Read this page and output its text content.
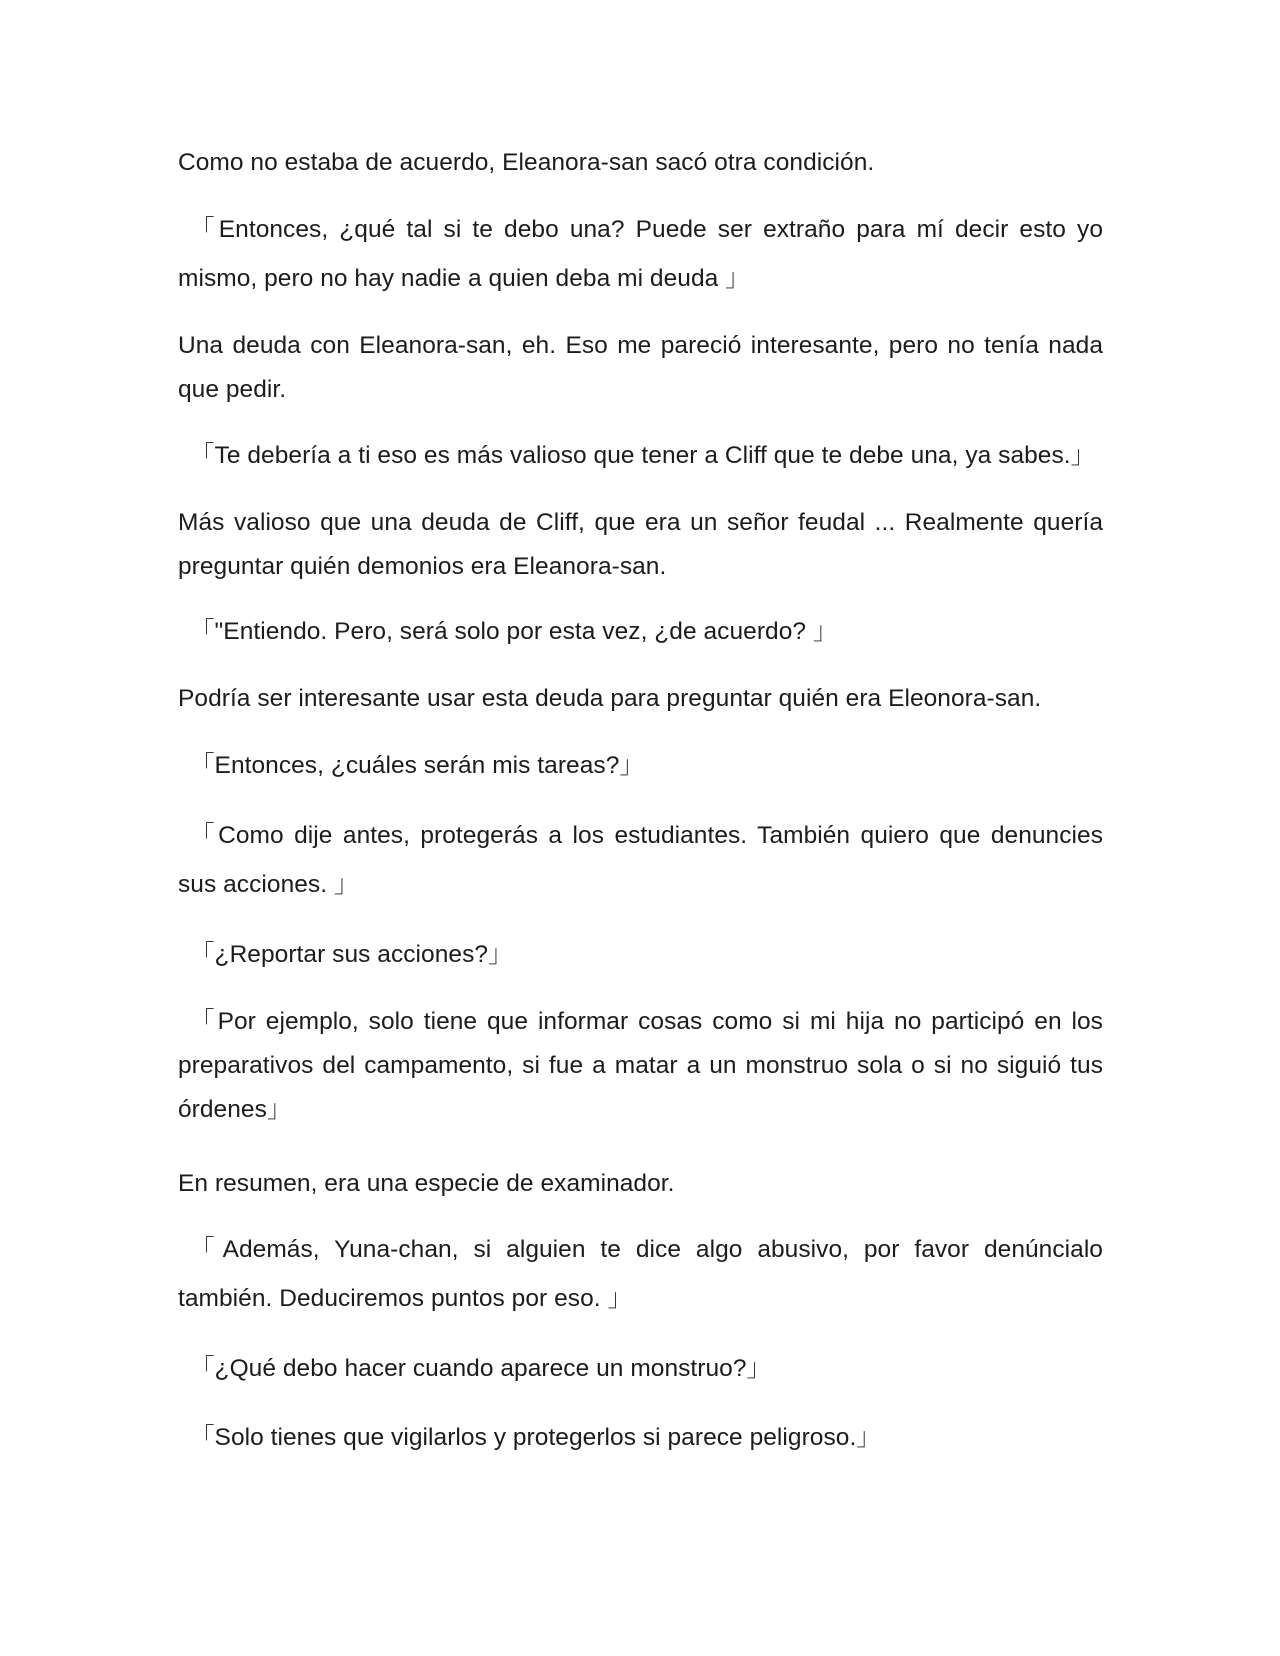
Como no estaba de acuerdo, Eleanora-san sacó otra condición.

「Entonces, ¿qué tal si te debo una? Puede ser extraño para mí decir esto yo mismo, pero no hay nadie a quien deba mi deuda 」

Una deuda con Eleanora-san, eh. Eso me pareció interesante, pero no tenía nada que pedir.

「Te debería a ti eso es más valioso que tener a Cliff que te debe una, ya sabes.」

Más valioso que una deuda de Cliff, que era un señor feudal ... Realmente quería preguntar quién demonios era Eleanora-san.

「"Entiendo. Pero, será solo por esta vez, ¿de acuerdo? 」

Podría ser interesante usar esta deuda para preguntar quién era Eleonora-san.

「Entonces, ¿cuáles serán mis tareas?」

「Como dije antes, protegerás a los estudiantes. También quiero que denuncies sus acciones. 」

「¿Reportar sus acciones?」

「Por ejemplo, solo tiene que informar cosas como si mi hija no participó en los preparativos del campamento, si fue a matar a un monstruo sola o si no siguió tus órdenes」

En resumen, era una especie de examinador.

「Además, Yuna-chan, si alguien te dice algo abusivo, por favor denúncialo también. Deduciremos puntos por eso. 」

「¿Qué debo hacer cuando aparece un monstruo?」

「Solo tienes que vigilarlos y protegerlos si parece peligroso.」
